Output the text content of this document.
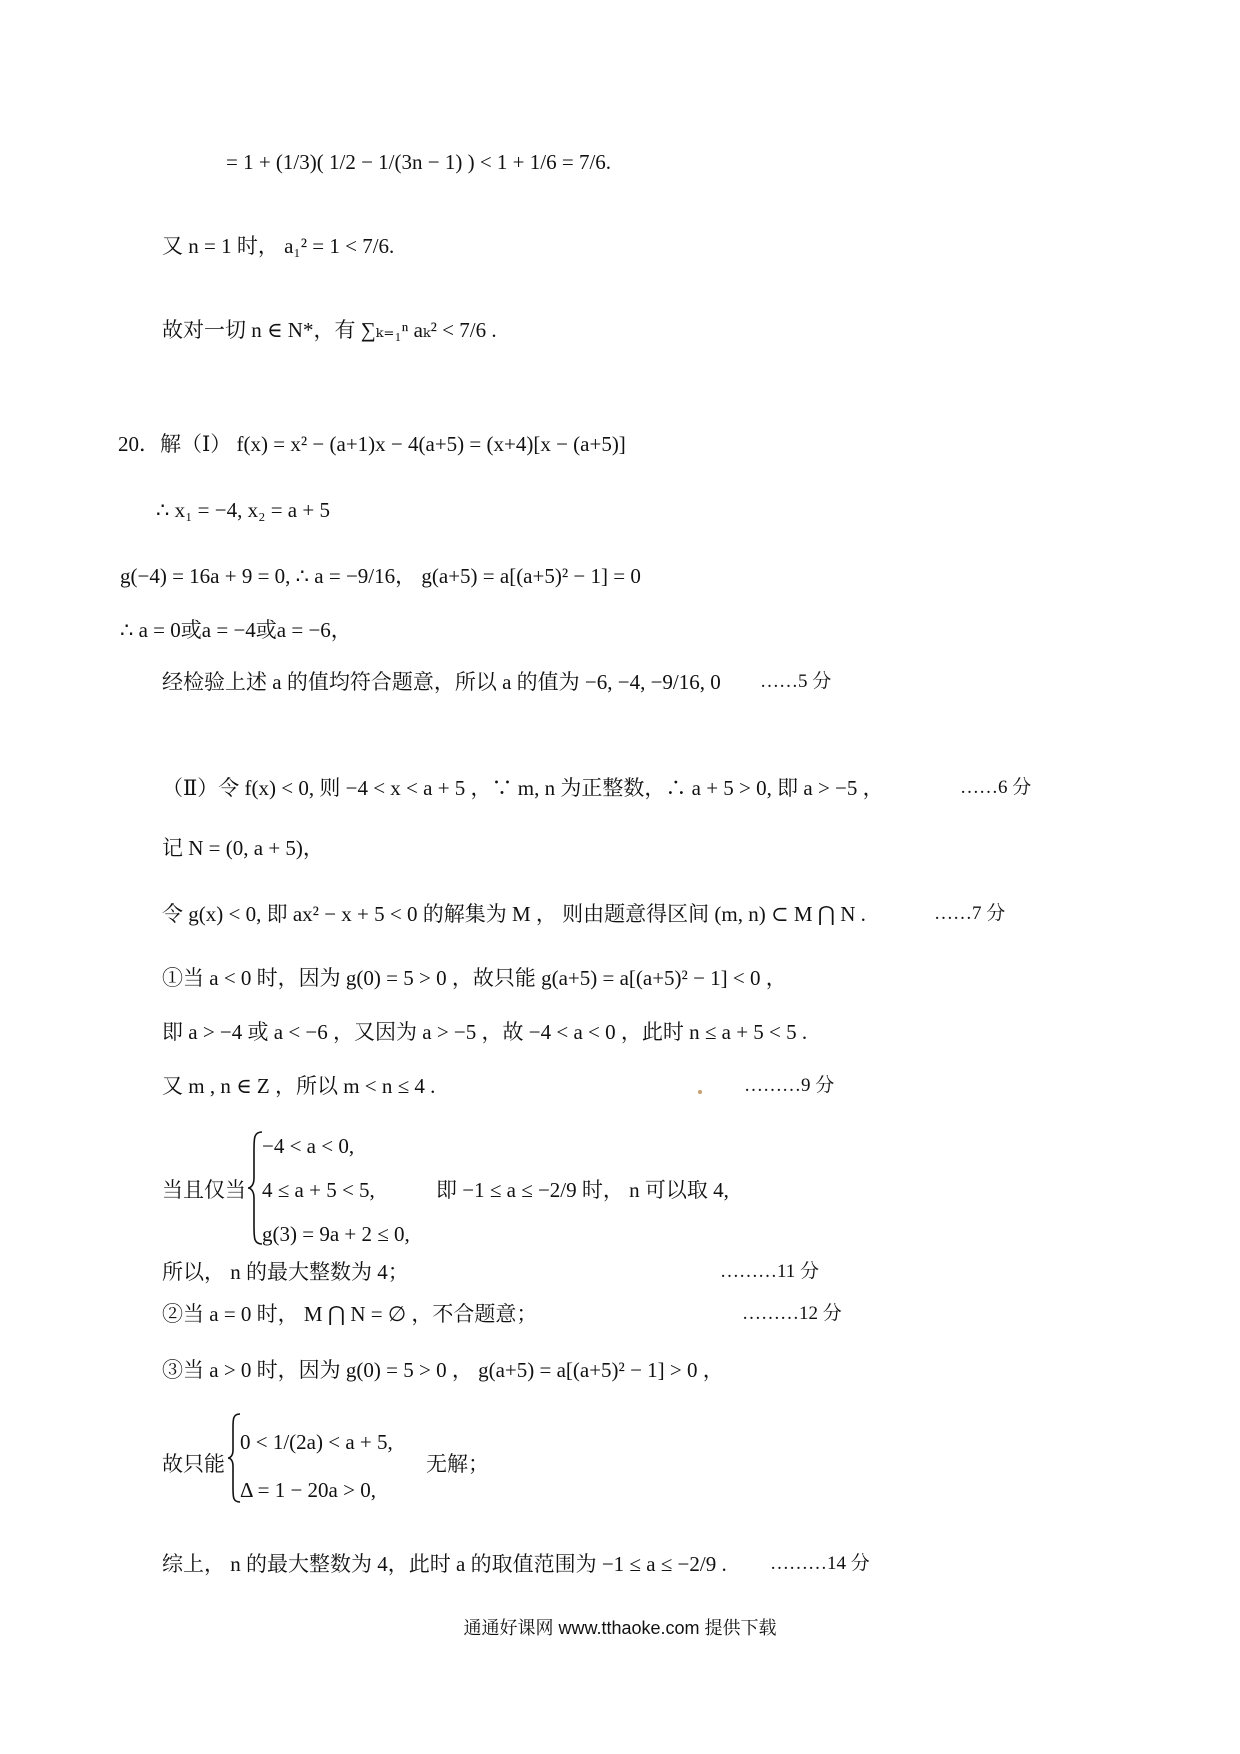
= 1 + (1/3)( 1/2 − 1/(3n − 1) ) < 1 + 1/6 = 7/6.
又 n = 1 时， a₁² = 1 < 7/6.
故对一切 n ∈ N*，有 ∑ₖ₌₁ⁿ aₖ² < 7/6 .
20．解（Ⅰ） f(x) = x² − (a+1)x − 4(a+5) = (x+4)[x − (a+5)]
∴ x₁ = −4, x₂ = a + 5
g(−4) = 16a + 9 = 0, ∴ a = −9/16， g(a+5) = a[(a+5)² − 1] = 0
∴ a = 0或a = −4或a = −6，
经检验上述 a 的值均符合题意，所以 a 的值为 −6, −4, −9/16, 0 ……5 分
（Ⅱ）令 f(x) < 0, 则 −4 < x < a + 5 ，∵ m, n 为正整数，∴ a + 5 > 0, 即 a > −5 ，	……6 分
记 N = (0, a + 5)，
令 g(x) < 0, 即 ax² − x + 5 < 0 的解集为 M ， 则由题意得区间 (m, n) ⊂ M ⋂ N .	……7 分
①当 a < 0 时，因为 g(0) = 5 > 0 ，故只能 g(a+5) = a[(a+5)² − 1] < 0 ，
即 a > −4 或 a < −6 ，又因为 a > −5 ，故 −4 < a < 0 ，此时 n ≤ a + 5 < 5 .
又 m , n ∈ Z ，所以 m < n ≤ 4 .	………9 分
当且仅当
−4 < a < 0,
4 ≤ a + 5 < 5,
g(3) = 9a + 2 ≤ 0,
即 −1 ≤ a ≤ −2/9 时， n 可以取 4,
所以， n 的最大整数为 4；	………11 分
②当 a = 0 时， M ⋂ N = ∅ ，不合题意；	………12 分
③当 a > 0 时，因为 g(0) = 5 > 0 ， g(a+5) = a[(a+5)² − 1] > 0 ，
故只能
0 < 1/(2a) < a + 5,
Δ = 1 − 20a > 0,
无解；
综上， n 的最大整数为 4，此时 a 的取值范围为 −1 ≤ a ≤ −2/9 . ………14 分
通通好课网 www.tthaoke.com 提供下载
